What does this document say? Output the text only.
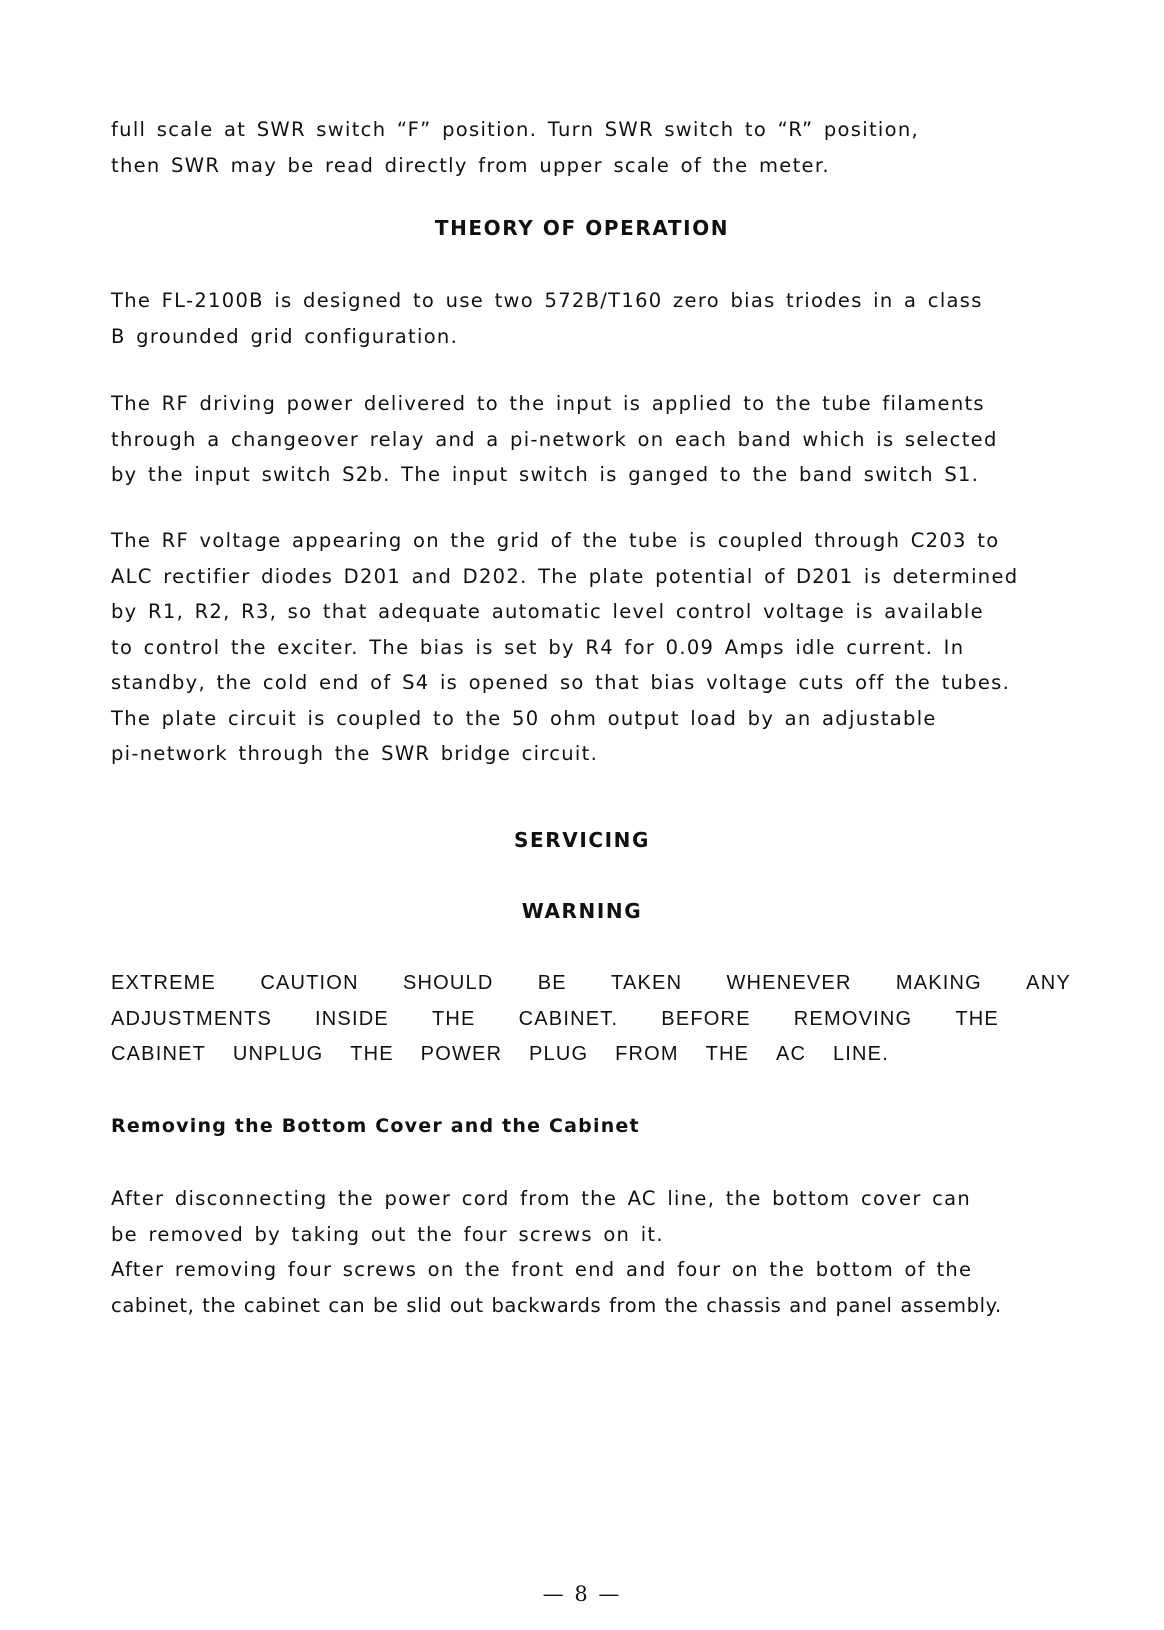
full scale at SWR switch “F” position. Turn SWR switch to “R” position,
then SWR may be read directly from upper scale of the meter.
THEORY OF OPERATION
The FL-2100B is designed to use two 572B/T160 zero bias triodes in a class
B grounded grid configuration.
The RF driving power delivered to the input is applied to the tube filaments
through a changeover relay and a pi-network on each band which is selected
by the input switch S2b. The input switch is ganged to the band switch S1.
The RF voltage appearing on the grid of the tube is coupled through C203 to
ALC rectifier diodes D201 and D202. The plate potential of D201 is determined
by R1, R2, R3, so that adequate automatic level control voltage is available
to control the exciter. The bias is set by R4 for 0.09 Amps idle current. In
standby, the cold end of S4 is opened so that bias voltage cuts off the tubes.
The plate circuit is coupled to the 50 ohm output load by an adjustable
pi-network through the SWR bridge circuit.
SERVICING
WARNING
EXTREME CAUTION SHOULD BE TAKEN WHENEVER MAKING ANY
ADJUSTMENTS INSIDE THE CABINET. BEFORE REMOVING THE
CABINET UNPLUG THE POWER PLUG FROM THE AC LINE.
Removing the Bottom Cover and the Cabinet
After disconnecting the power cord from the AC line, the bottom cover can
be removed by taking out the four screws on it.
After removing four screws on the front end and four on the bottom of the
cabinet, the cabinet can be slid out backwards from the chassis and panel assembly.
— 8 —
